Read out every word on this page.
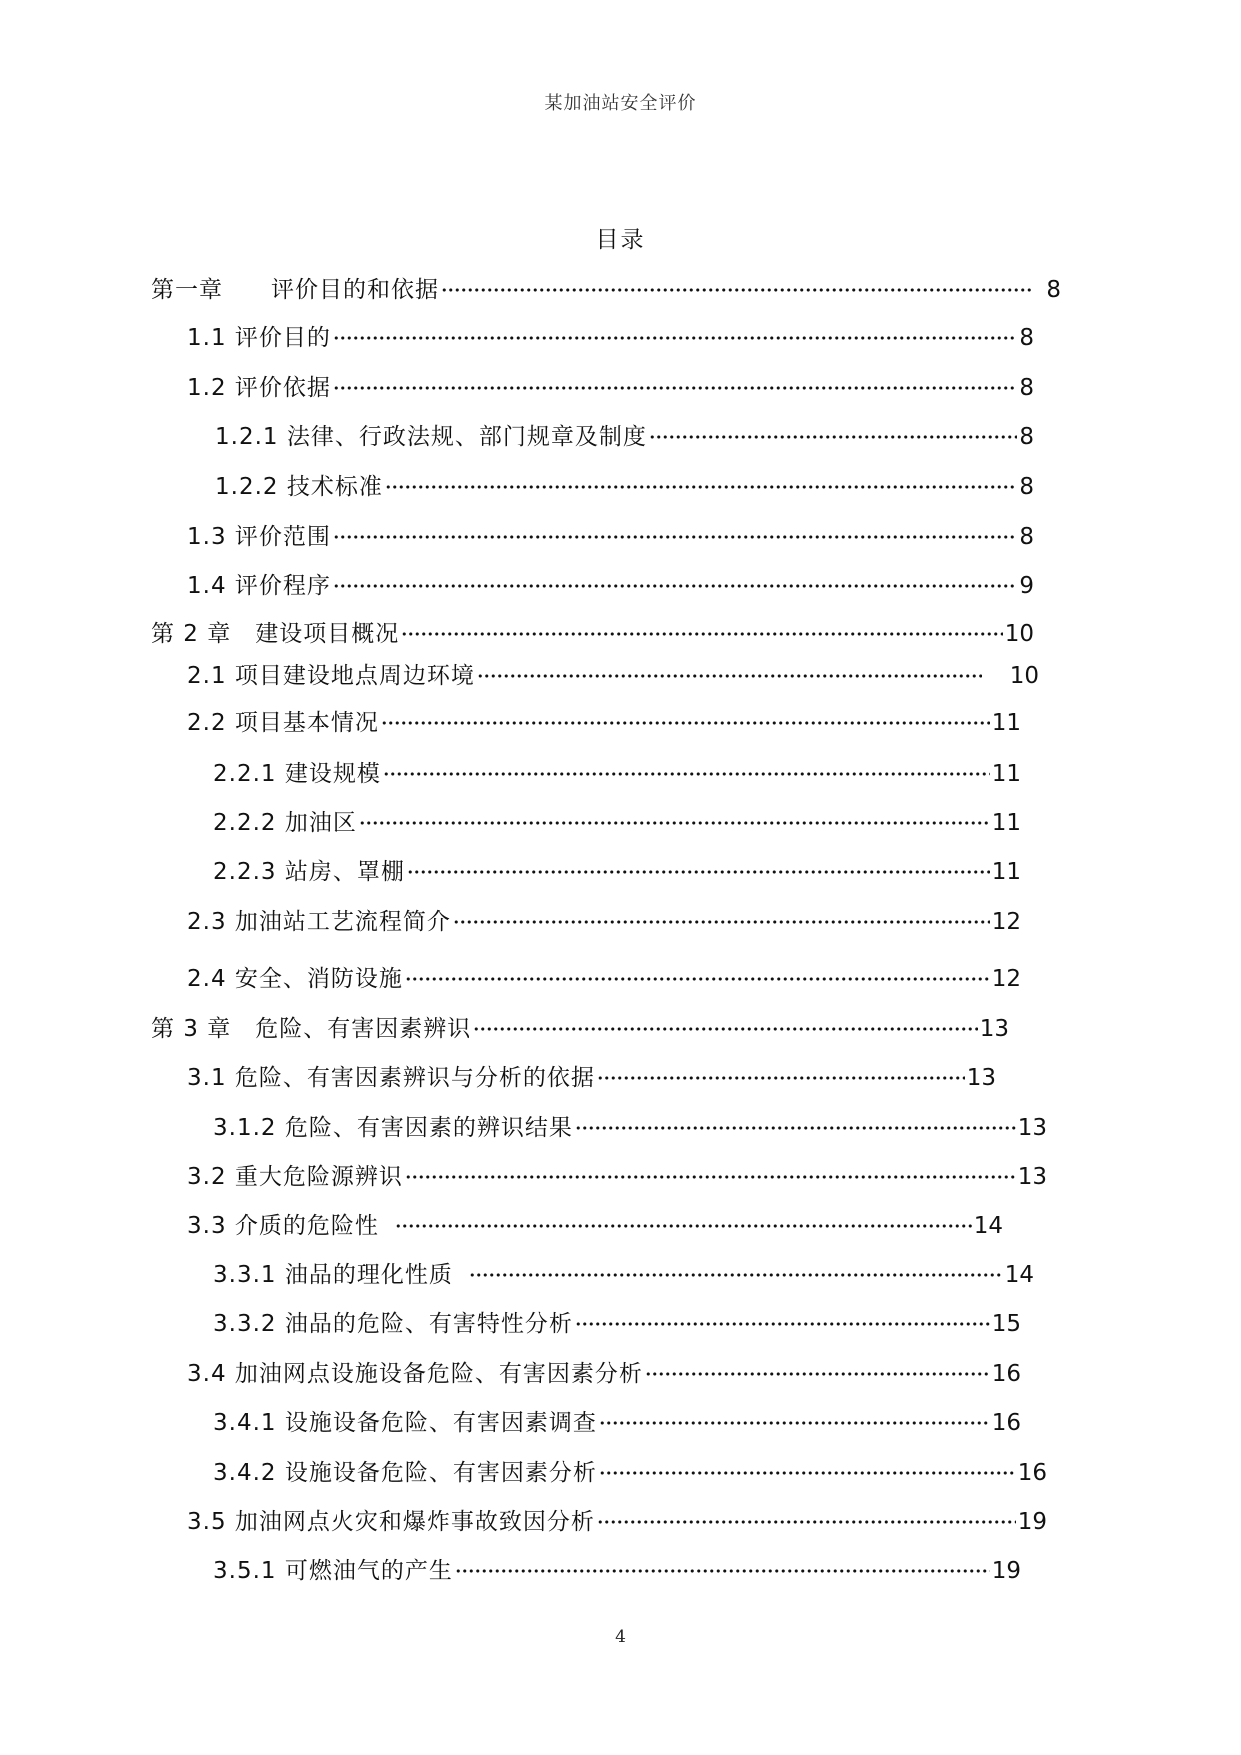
某加油站安全评价
目录
第一章　　评价目的和依据	8
1.1 评价目的	8
1.2 评价依据	8
1.2.1 法律、行政法规、部门规章及制度	8
1.2.2 技术标准	8
1.3 评价范围	8
1.4 评价程序	9
第 2 章　建设项目概况	10
2.1 项目建设地点周边环境	10
2.2 项目基本情况	11
2.2.1 建设规模	11
2.2.2 加油区	11
2.2.3 站房、罩棚	11
2.3 加油站工艺流程简介	12
2.4 安全、消防设施	12
第 3 章　危险、有害因素辨识	13
3.1 危险、有害因素辨识与分析的依据	13
3.1.2 危险、有害因素的辨识结果	13
3.2 重大危险源辨识	13
3.3 介质的危险性	14
3.3.1 油品的理化性质	14
3.3.2 油品的危险、有害特性分析	15
3.4 加油网点设施设备危险、有害因素分析	16
3.4.1 设施设备危险、有害因素调查	16
3.4.2 设施设备危险、有害因素分析	16
3.5 加油网点火灾和爆炸事故致因分析	19
3.5.1 可燃油气的产生	19
4
